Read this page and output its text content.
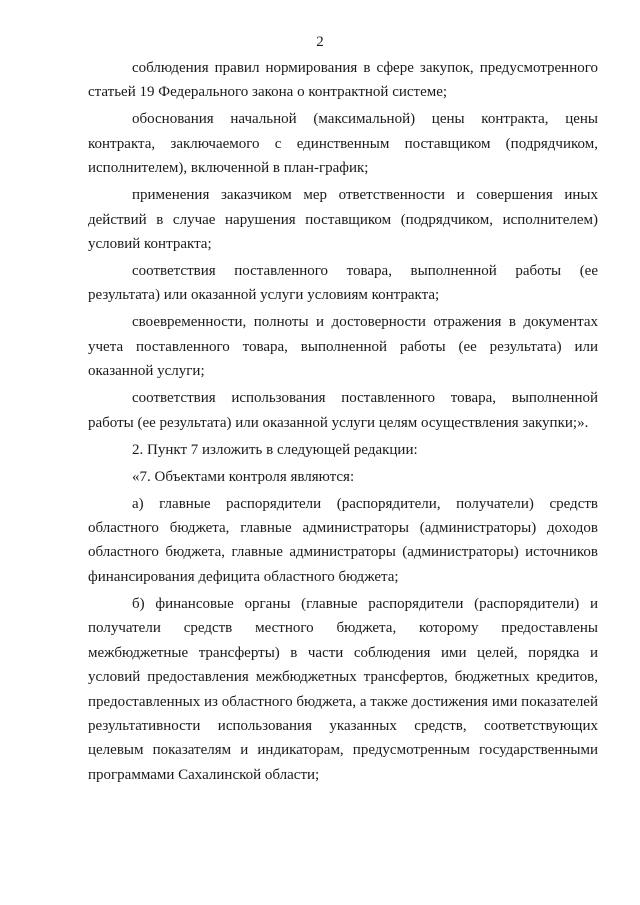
2

соблюдения правил нормирования в сфере закупок, предусмотренного статьей 19 Федерального закона о контрактной системе;

обоснования начальной (максимальной) цены контракта, цены контракта, заключаемого с единственным поставщиком (подрядчиком, исполнителем), включенной в план-график;

применения заказчиком мер ответственности и совершения иных действий в случае нарушения поставщиком (подрядчиком, исполнителем) условий контракта;

соответствия поставленного товара, выполненной работы (ее результата) или оказанной услуги условиям контракта;

своевременности, полноты и достоверности отражения в документах учета поставленного товара, выполненной работы (ее результата) или оказанной услуги;

соответствия использования поставленного товара, выполненной работы (ее результата) или оказанной услуги целям осуществления закупки;».

2. Пункт 7 изложить в следующей редакции:

«7. Объектами контроля являются:

а) главные распорядители (распорядители, получатели) средств областного бюджета, главные администраторы (администраторы) доходов областного бюджета, главные администраторы (администраторы) источников финансирования дефицита областного бюджета;

б) финансовые органы (главные распорядители (распорядители) и получатели средств местного бюджета, которому предоставлены межбюджетные трансферты) в части соблюдения ими целей, порядка и условий предоставления межбюджетных трансфертов, бюджетных кредитов, предоставленных из областного бюджета, а также достижения ими показателей результативности использования указанных средств, соответствующих целевым показателям и индикаторам, предусмотренным государственными программами Сахалинской области;
